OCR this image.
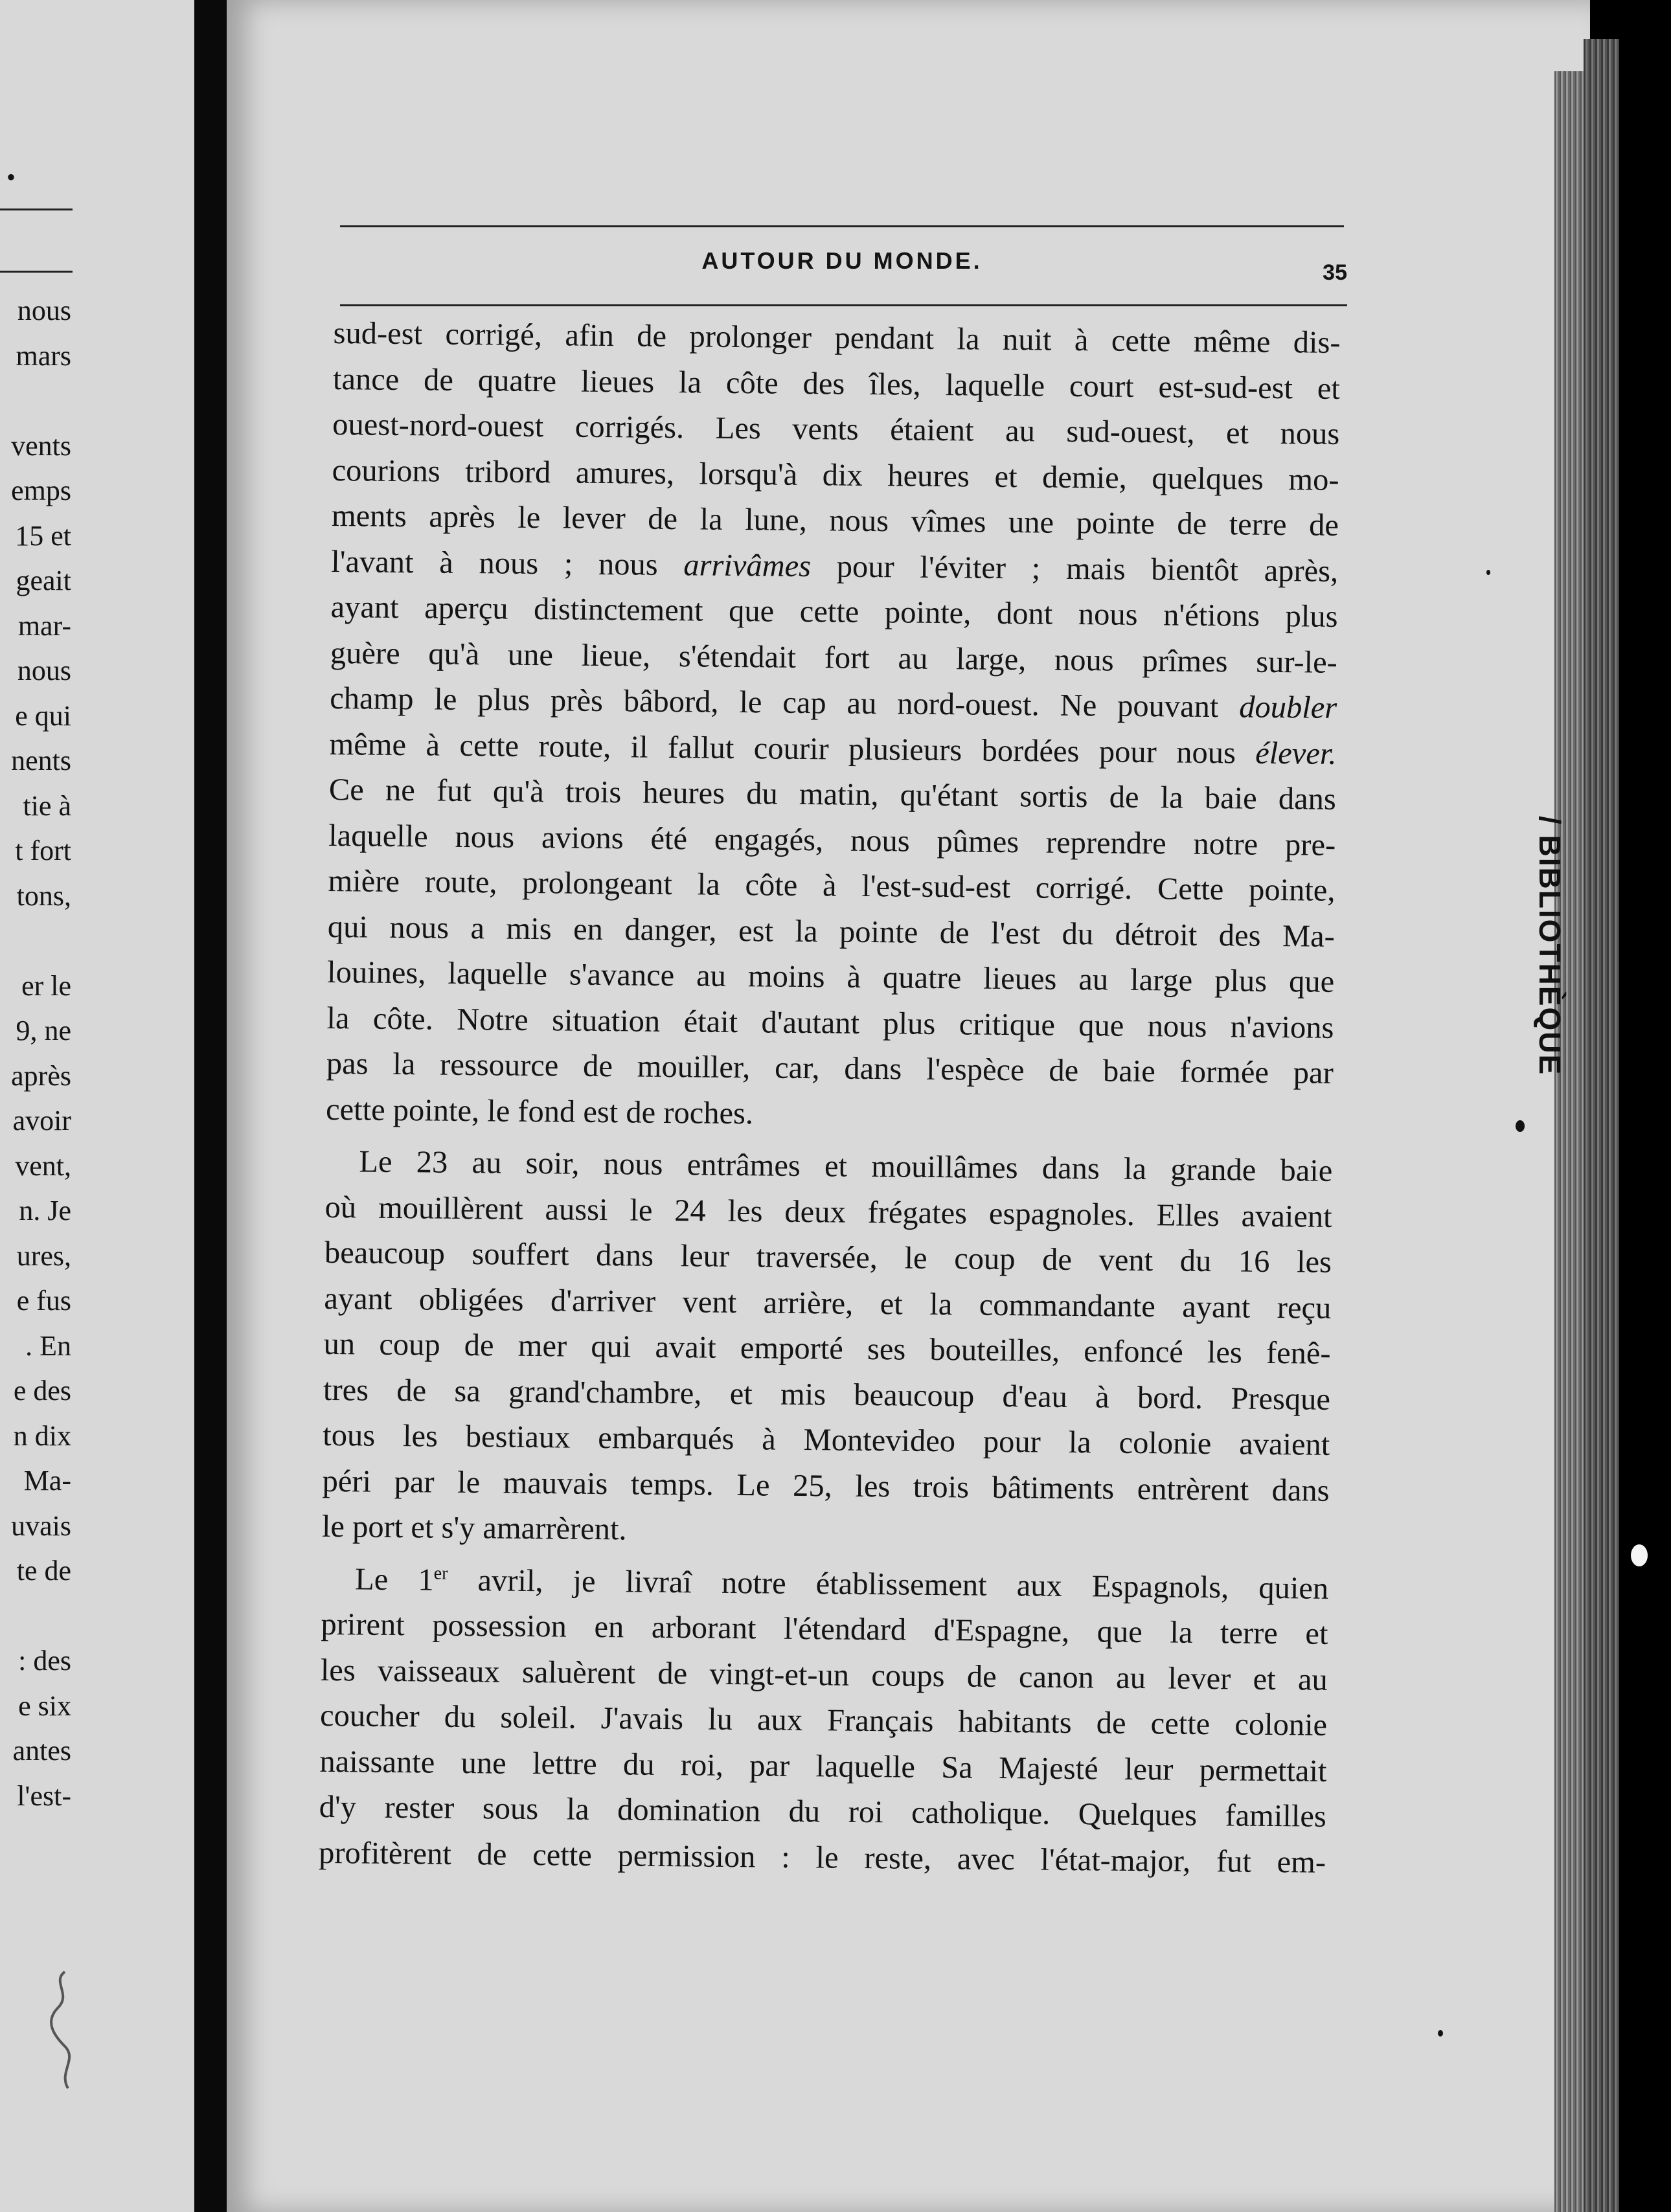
•
nous
mars
vents
emps
15 et
geait
mar-
nous
e qui
nents
tie à
t fort
tons,
er le
9, ne
après
avoir
vent,
n. Je
ures,
e fus
. En
e des
n dix
Ma-
uvais
te de
: des
e six
antes
l'est-
/ BIBLIOTHÈQUE
AUTOUR DU MONDE.	35
sud-est corrigé, afin de prolonger pendant la nuit à cette même dis-
tance de quatre lieues la côte des îles, laquelle court est-sud-est et
ouest-nord-ouest corrigés. Les vents étaient au sud-ouest, et nous
courions tribord amures, lorsqu'à dix heures et demie, quelques mo-
ments après le lever de la lune, nous vîmes une pointe de terre de
l'avant à nous ; nous arrivâmes pour l'éviter ; mais bientôt après,
ayant aperçu distinctement que cette pointe, dont nous n'étions plus
guère qu'à une lieue, s'étendait fort au large, nous prîmes sur-le-
champ le plus près bâbord, le cap au nord-ouest. Ne pouvant doubler
même à cette route, il fallut courir plusieurs bordées pour nous élever.
Ce ne fut qu'à trois heures du matin, qu'étant sortis de la baie dans
laquelle nous avions été engagés, nous pûmes reprendre notre pre-
mière route, prolongeant la côte à l'est-sud-est corrigé. Cette pointe,
qui nous a mis en danger, est la pointe de l'est du détroit des Ma-
louines, laquelle s'avance au moins à quatre lieues au large plus que
la côte. Notre situation était d'autant plus critique que nous n'avions
pas la ressource de mouiller, car, dans l'espèce de baie formée par
cette pointe, le fond est de roches.
Le 23 au soir, nous entrâmes et mouillâmes dans la grande baie
où mouillèrent aussi le 24 les deux frégates espagnoles. Elles avaient
beaucoup souffert dans leur traversée, le coup de vent du 16 les
ayant obligées d'arriver vent arrière, et la commandante ayant reçu
un coup de mer qui avait emporté ses bouteilles, enfoncé les fenê-
tres de sa grand'chambre, et mis beaucoup d'eau à bord. Presque
tous les bestiaux embarqués à Montevideo pour la colonie avaient
péri par le mauvais temps. Le 25, les trois bâtiments entrèrent dans
le port et s'y amarrèrent.
Le 1er avril, je livraî notre établissement aux Espagnols, quien
prirent possession en arborant l'étendard d'Espagne, que la terre et
les vaisseaux saluèrent de vingt-et-un coups de canon au lever et au
coucher du soleil. J'avais lu aux Français habitants de cette colonie
naissante une lettre du roi, par laquelle Sa Majesté leur permettait
d'y rester sous la domination du roi catholique. Quelques familles
profitèrent de cette permission : le reste, avec l'état-major, fut em-
